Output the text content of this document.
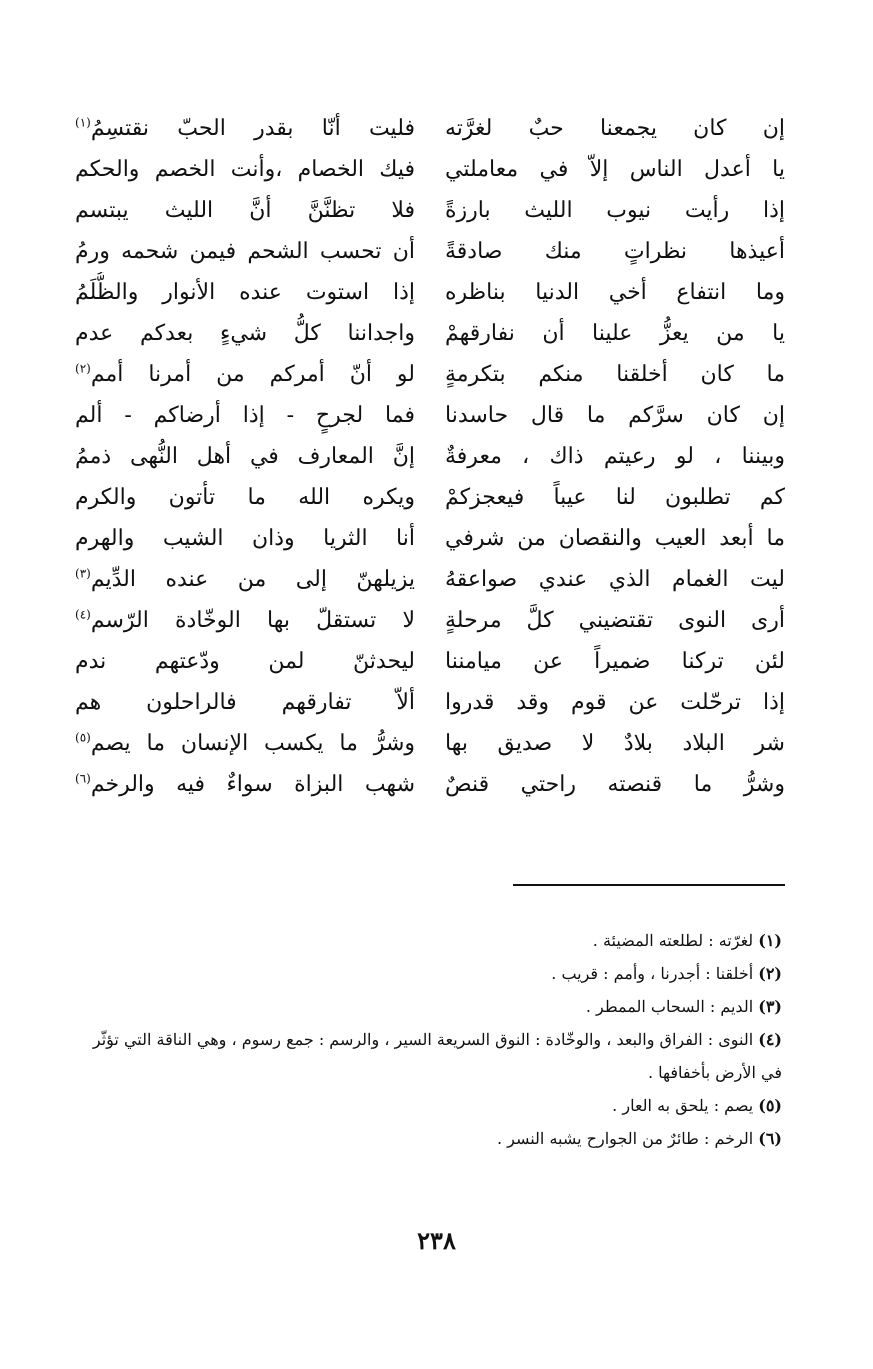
إن كان يجمعنا حبٌ لغرَّته
فليت أنّا بقدر الحبّ نقتسِمُ$^{(١)}$
يا أعدل الناس إلاّ في معاملتي
فيك الخصام ،وأنت الخصم والحكم
إذا رأيت نيوب الليث بارزةً
فلا تظنَّنَّ أنَّ الليث يبتسم
أعيذها نظراتٍ منك صادقةً
أن تحسب الشحم فيمن شحمه ورمُ
وما انتفاع أخي الدنيا بناظره
إذا استوت عنده الأنوار والظُّلَمُ
يا من يعزُّ علينا أن نفارقهمْ
واجداننا كلُّ شيءٍ بعدكم عدم
ما كان أخلقنا منكم بتكرمةٍ
لو أنّ أمركم من أمرنا أمم$^{(٢)}$
إن كان سرَّكم ما قال حاسدنا
فما لجرحٍ - إذا أرضاكم - ألم
وبيننا ، لو رعيتم ذاك ، معرفةٌ
إنَّ المعارف في أهل النُّهى ذممُ
كم تطلبون لنا عيباً فيعجزكمْ
ويكره الله ما تأتون والكرم
ما أبعد العيب والنقصان من شرفي
أنا الثريا وذان الشيب والهرم
ليت الغمام الذي عندي صواعقهُ
يزيلهنّ إلى من عنده الدِّيم$^{(٣)}$
أرى النوى تقتضيني كلَّ مرحلةٍ
لا تستقلّ بها الوخّادة الرّسم$^{(٤)}$
لئن تركنا ضميراً عن ميامننا
ليحدثنّ لمن ودّعتهم ندم
إذا ترحّلت عن قوم وقد قدروا
ألاّ تفارقهم فالراحلون هم
شر البلاد بلادٌ لا صديق بها
وشرُّ ما يكسب الإنسان ما يصم$^{(٥)}$
وشرُّ ما قنصته راحتي قنصٌ
شهب البزاة سواءٌ فيه والرخم$^{(٦)}$

(١) لغرّته : لطلعته المضيئة .

(٢) أخلقنا : أجدرنا ، وأمم : قريب .

(٣) الديم : السحاب الممطر .

(٤) النوى : الفراق والبعد ، والوخّادة : النوق السريعة السير ، والرسم : جمع رسوم ، وهي الناقة التي تؤثّر في الأرض بأخفافها .

(٥) يصم : يلحق به العار .

(٦) الرخم : طائرٌ من الجوارح يشبه النسر .

٢٣٨
